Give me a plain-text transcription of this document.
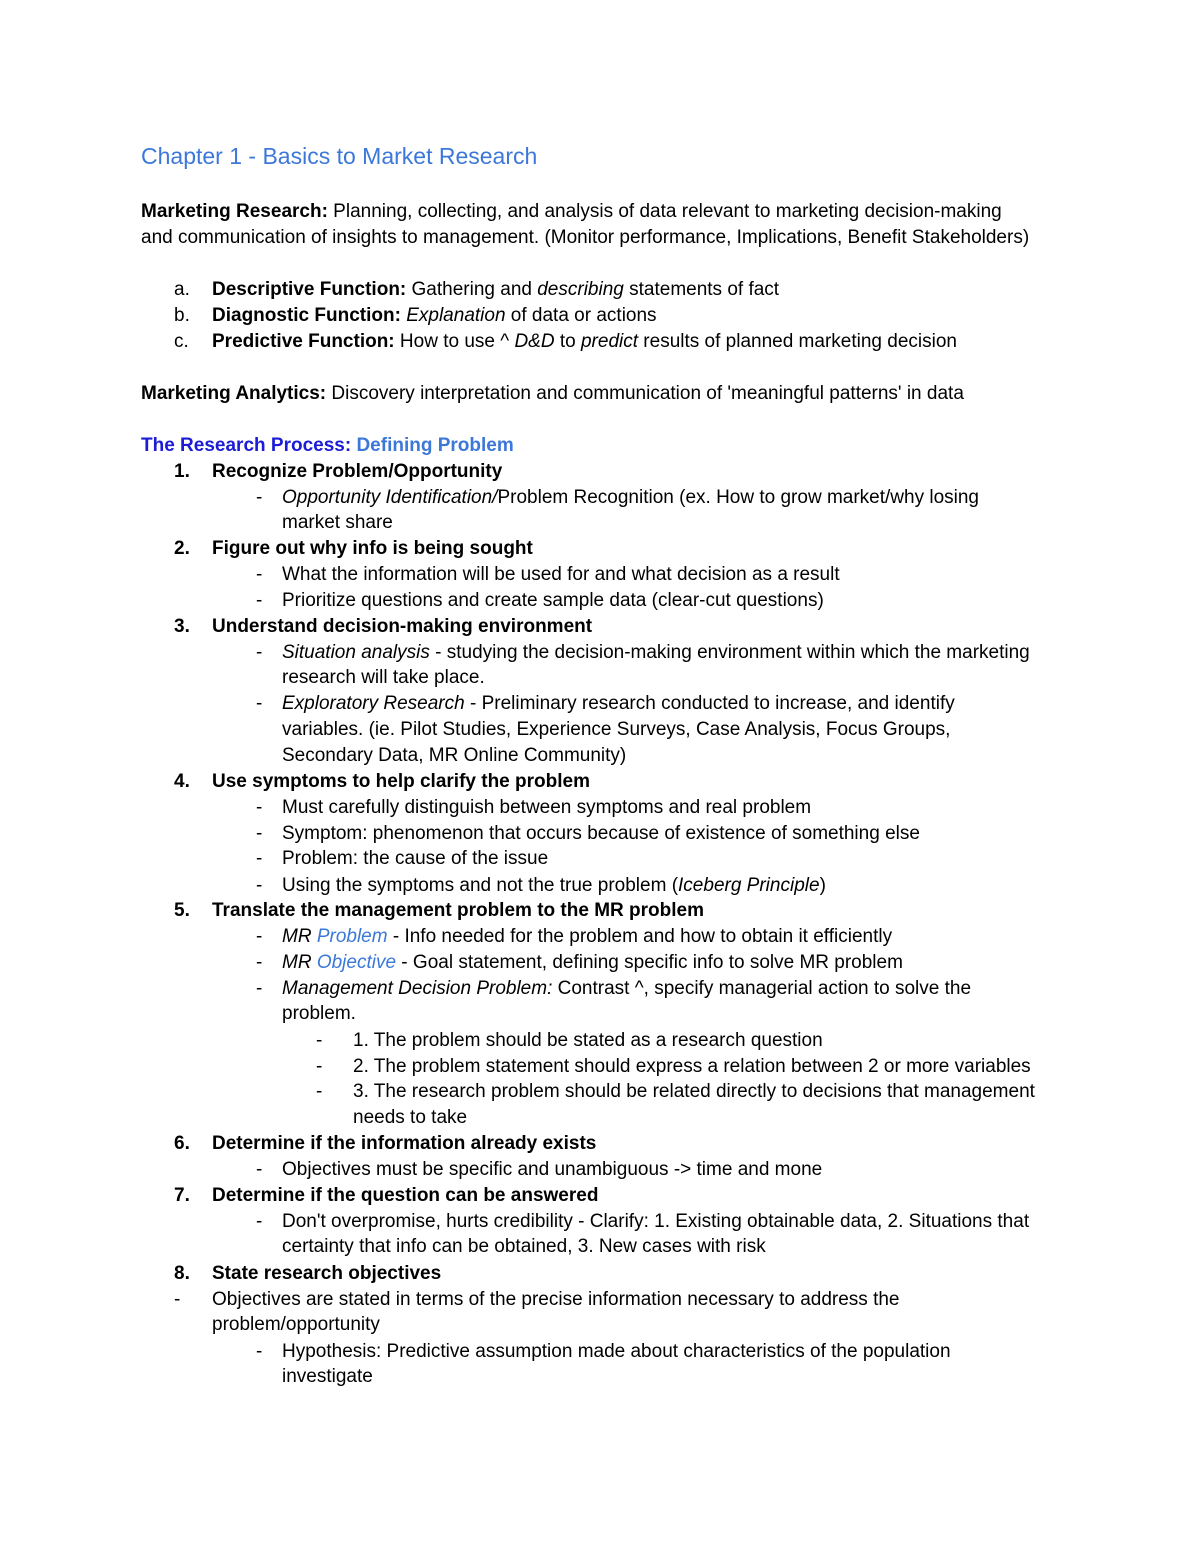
Chapter 1 - Basics to Market Research
Marketing Research: Planning, collecting, and analysis of data relevant to marketing decision-making
and communication of insights to management. (Monitor performance, Implications, Benefit Stakeholders)
a. Descriptive Function: Gathering and describing statements of fact
b. Diagnostic Function: Explanation of data or actions
c. Predictive Function: How to use ^ D&D to predict results of planned marketing decision
Marketing Analytics: Discovery interpretation and communication of 'meaningful patterns' in data
The Research Process: Defining Problem
1. Recognize Problem/Opportunity
- Opportunity Identification/Problem Recognition (ex. How to grow market/why losing
market share
2. Figure out why info is being sought
- What the information will be used for and what decision as a result
- Prioritize questions and create sample data (clear-cut questions)
3. Understand decision-making environment
- Situation analysis - studying the decision-making environment within which the marketing
research will take place.
- Exploratory Research - Preliminary research conducted to increase, and identify
variables. (ie. Pilot Studies, Experience Surveys, Case Analysis, Focus Groups,
Secondary Data, MR Online Community)
4. Use symptoms to help clarify the problem
- Must carefully distinguish between symptoms and real problem
- Symptom: phenomenon that occurs because of existence of something else
- Problem: the cause of the issue
- Using the symptoms and not the true problem (Iceberg Principle)
5. Translate the management problem to the MR problem
- MR Problem - Info needed for the problem and how to obtain it efficiently
- MR Objective - Goal statement, defining specific info to solve MR problem
- Management Decision Problem: Contrast ^, specify managerial action to solve the
problem.
- 1. The problem should be stated as a research question
- 2. The problem statement should express a relation between 2 or more variables
- 3. The research problem should be related directly to decisions that management
needs to take
6. Determine if the information already exists
- Objectives must be specific and unambiguous -> time and mone
7. Determine if the question can be answered
- Don't overpromise, hurts credibility - Clarify: 1. Existing obtainable data, 2. Situations that
certainty that info can be obtained, 3. New cases with risk
8. State research objectives
- Objectives are stated in terms of the precise information necessary to address the
problem/opportunity
- Hypothesis: Predictive assumption made about characteristics of the population
investigate
